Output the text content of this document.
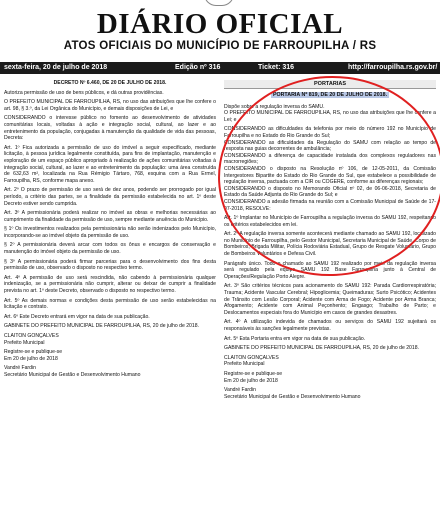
DIÁRIO OFICIAL
ATOS OFICIAIS DO MUNICÍPIO DE FARROUPILHA / RS
sexta-feira, 20 de julho de 2018	Edição nº 316	Ticket: 316	http://farroupilha.rs.gov.br/

DECRETO Nº 6.460, DE 20 DE JULHO DE 2018.

Autoriza permissão de uso de bens públicos, e dá outras providências.

O PREFEITO MUNICIPAL DE FARROUPILHA, RS, no uso das atribuições que lhe confere o art. 98, § 3.º, da Lei Orgânica do Município, e demais disposições de Lei, e

CONSIDERANDO o interesse público no fomento ao desenvolvimento de atividades comunitárias locais, voltadas à ação e integração social, cultural, ao lazer e ao entretenimento da população, conjugadas à manutenção da qualidade de vida das pessoas, Decreta:

Art. 1º Fica autorizada a permissão de uso do imóvel a seguir especificado, mediante licitação, à pessoa jurídica legalmente constituída, para fins de implantação, manutenção e exploração de um espaço público apropriado à realização de ações comunitárias voltadas à integração social, cultural, ao lazer e ao entretenimento da população: uma área construída de 632,63 m², localizada na Rua Rémigio Tártaro, 768, esquina com a Rua Ermel, Farroupilha, RS, conforme mapa anexo.

Art. 2º O prazo de permissão de uso será de dez anos, podendo ser prorrogado por igual período, a critério das partes, se a finalidade da permissão estabelecida no art. 1º deste Decreto estiver sendo cumprida.

Art. 3º A permissionária poderá realizar no imóvel as obras e melhorias necessárias ao cumprimento da finalidade da permissão de uso, sempre mediante anuência do Município.

§ 1º Os investimentos realizados pela permissionária não serão indenizados pelo Município, incorporando-se ao imóvel objeto da permissão de uso.

§ 2º A permissionária deverá arcar com todos os ônus e encargos de conservação e manutenção do imóvel objeto da permissão de uso.

§ 3º A permissionária poderá firmar parcerias para o desenvolvimento dos fins desta permissão de uso, observado o disposto no respectivo termo.

Art. 4º A permissão de uso será rescindida, não cabendo à permissionária qualquer indenização, se a permissionária não cumprir, alterar ou deixar de cumprir a finalidade prevista no art. 1º deste Decreto, observado o disposto no respectivo termo.

Art. 5º As demais normas e condições desta permissão de uso serão estabelecidas na licitação e contrato.

Art. 6º Este Decreto entrará em vigor na data de sua publicação.

GABINETE DO PREFEITO MUNICIPAL DE FARROUPILHA, RS, 20 de julho de 2018.

CLAITON GONÇALVES

Prefeito Municipal

Registre-se e publique-se

Em 20 de julho de 2018

Vandré Fardin

Secretário Municipal de Gestão e Desenvolvimento Humano

PORTARIAS
PORTARIA Nº 819, DE 20 DE JULHO DE 2018.

Dispõe sobre a regulação inversa do SAMU.

O PREFEITO MUNICIPAL DE FARROUPILHA, RS, no uso das atribuições que lhe confere a Lei; e

CONSIDERANDO as dificuldades da telefonia por meio do número 192 no Município de Farroupilha e no Estado do Rio Grande do Sul;

CONSIDERANDO as dificuldades da Regulação do SAMU com relação ao tempo de resposta nas guias decorrentes de ambulância;

CONSIDERANDO a diferença de capacidade instalada dos complexos reguladores nas macrorregiões;

CONSIDERANDO o disposto na Resolução nº 106, de 12-05-2011, da Comissão Intergestores Bipartite do Estado do Rio Grande do Sul, que estabelece a possibilidade de regulação inversa, pactuada com a CIR ou COGERE, conforme as diferenças regionais;

CONSIDERANDO o disposto no Memorando Oficial nº 02, de 06-06-2018, Secretaria de Estado da Saúde Adjunta do Rio Grande do Sul; e

CONSIDERANDO a adesão firmada na reunião com a Comissão Municipal de Saúde de 17-07-2018, RESOLVE:

Art. 1º Implantar no Município de Farroupilha a regulação inversa do SAMU 192, respeitando os critérios estabelecidos em lei.

Art. 2º A regulação inversa somente acontecerá mediante chamado ao SAMU 192, localizado no Município de Farroupilha, pelo Gestor Municipal, Secretaria Municipal de Saúde, Corpo de Bombeiros, Brigada Militar, Polícia Rodoviária Estadual, Grupo de Resgate Voluntário, Grupo de Bombeiros Voluntários e Defesa Civil.

Parágrafo único. Todo o chamado ao SAMU 192 realizado por meio da regulação inversa será regulado pela equipe SAMU 192 Base Farroupilha junto à Central de Operações/Regulação Porto Alegre.

Art. 3º São critérios técnicos para acionamento do SAMU 192: Parada Cardiorrespiratória; Trauma; Acidente Vascular Cerebral; Hipoglicemia; Queimaduras; Surto Psicótico; Acidentes de Trânsito com Lesão Corporal; Acidente com Arma de Fogo; Acidente por Arma Branca; Afogamento; Acidente com Animal Peçonhento; Engasgo; Trabalho de Parto; e Deslocamentos especiais fora do Município em casos de grandes desastres.

Art. 4º A utilização indevida de chamados ou serviços do SAMU 192 sujeitará os responsáveis às sanções legalmente previstas.

Art. 5º Esta Portaria entra em vigor na data de sua publicação.

GABINETE DO PREFEITO MUNICIPAL DE FARROUPILHA, RS, 20 de julho de 2018.

CLAITON GONÇALVES

Prefeito Municipal

Registre-se e publique-se

Em 20 de julho de 2018

Vandré Fardin

Secretário Municipal de Gestão e Desenvolvimento Humano
